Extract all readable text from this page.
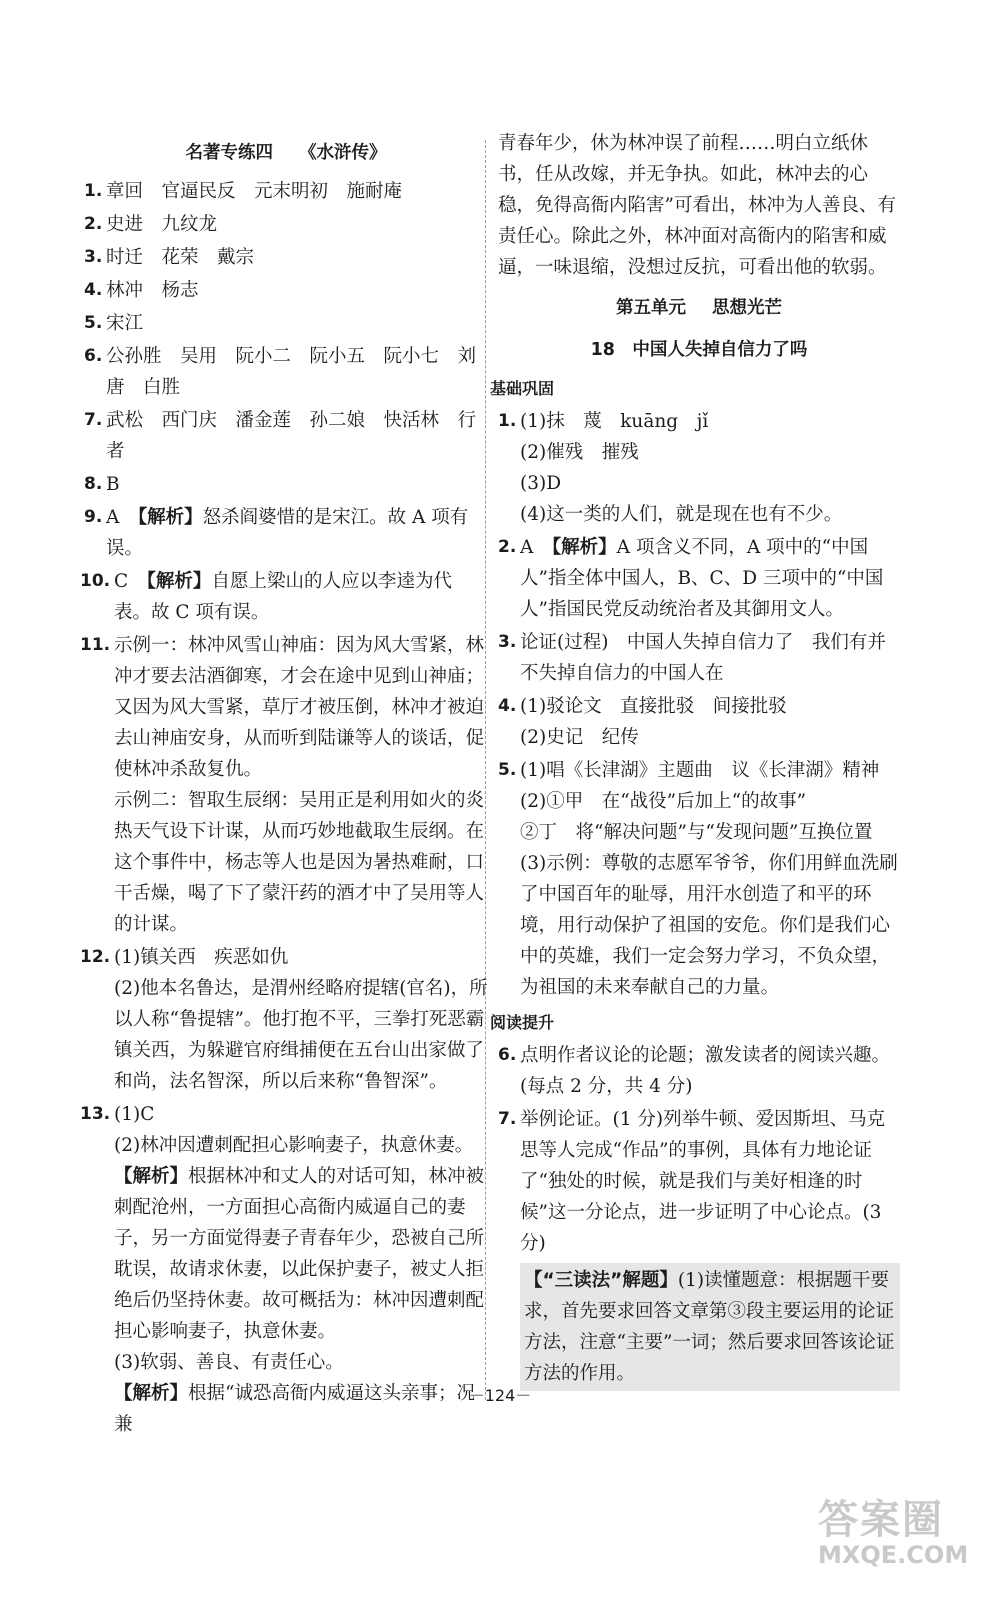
名著专练四 《水浒传》
1. 章回　官逼民反　元末明初　施耐庵
2. 史进　九纹龙
3. 时迁　花荣　戴宗
4. 林冲　杨志
5. 宋江
6. 公孙胜　吴用　阮小二　阮小五　阮小七　刘唐　白胜
7. 武松　西门庆　潘金莲　孙二娘　快活林　行者
8. B
9. A　 【解析】怒杀阎婆惜的是宋江。故 A 项有误。
10. C　 【解析】自愿上梁山的人应以李逵为代表。故 C 项有误。
11. 示例一：林冲风雪山神庙：因为风大雪紧，林冲才要去沽酒御寒，才会在途中见到山神庙；又因为风大雪紧，草厅才被压倒，林冲才被迫去山神庙安身，从而听到陆谦等人的谈话，促使林冲杀敌复仇。
示例二：智取生辰纲：吴用正是利用如火的炎热天气设下计谋，从而巧妙地截取生辰纲。在这个事件中，杨志等人也是因为暑热难耐，口干舌燥，喝了下了蒙汗药的酒才中了吴用等人的计谋。
12. (1)镇关西　疾恶如仇
(2)他本名鲁达，是渭州经略府提辖(官名)，所以人称“鲁提辖”。他打抱不平，三拳打死恶霸镇关西，为躲避官府缉捕便在五台山出家做了和尚，法名智深，所以后来称“鲁智深”。
13. (1)C
(2)林冲因遭刺配担心影响妻子，执意休妻。
【解析】根据林冲和丈人的对话可知，林冲被刺配沧州，一方面担心高衙内威逼自己的妻子，另一方面觉得妻子青春年少，恐被自己所耽误，故请求休妻，以此保护妻子，被丈人拒绝后仍坚持休妻。故可概括为：林冲因遭刺配担心影响妻子，执意休妻。
(3)软弱、善良、有责任心。
【解析】根据“诚恐高衙内威逼这头亲事；况兼
青春年少，休为林冲误了前程……明白立纸休书，任从改嫁，并无争执。如此，林冲去的心稳，免得高衙内陷害”可看出，林冲为人善良、有责任心。除此之外，林冲面对高衙内的陷害和威逼，一味退缩，没想过反抗，可看出他的软弱。
第五单元 思想光芒
18　中国人失掉自信力了吗
基础巩固
1. (1)抹　蔑　kuāng　jǐ
(2)催残　摧残
(3)D
(4)这一类的人们，就是现在也有不少。
2. A　 【解析】A 项含义不同，A 项中的“中国人”指全体中国人，B、C、D 三项中的“中国人”指国民党反动统治者及其御用文人。
3. 论证(过程)　中国人失掉自信力了　我们有并不失掉自信力的中国人在
4. (1)驳论文　直接批驳　间接批驳
(2)史记　纪传
5. (1)唱《长津湖》主题曲　议《长津湖》精神
(2)①甲　在“战役”后加上“的故事”
②丁　将“解决问题”与“发现问题”互换位置
(3)示例：尊敬的志愿军爷爷，你们用鲜血洗刷了中国百年的耻辱，用汗水创造了和平的环境，用行动保护了祖国的安危。你们是我们心中的英雄，我们一定会努力学习，不负众望，为祖国的未来奉献自己的力量。
阅读提升
6. 点明作者议论的论题；激发读者的阅读兴趣。(每点 2 分，共 4 分)
7. 举例论证。(1 分)列举牛顿、爱因斯坦、马克思等人完成“作品”的事例，具体有力地论证了“独处的时候，就是我们与美好相逢的时候”这一分论点，进一步证明了中心论点。(3 分)
【“三读法”解题】(1)读懂题意：根据题干要求，首先要求回答文章第③段主要运用的论证方法，注意“主要”一词；然后要求回答该论证方法的作用。
－124－
答案圈
MXQE.COM
